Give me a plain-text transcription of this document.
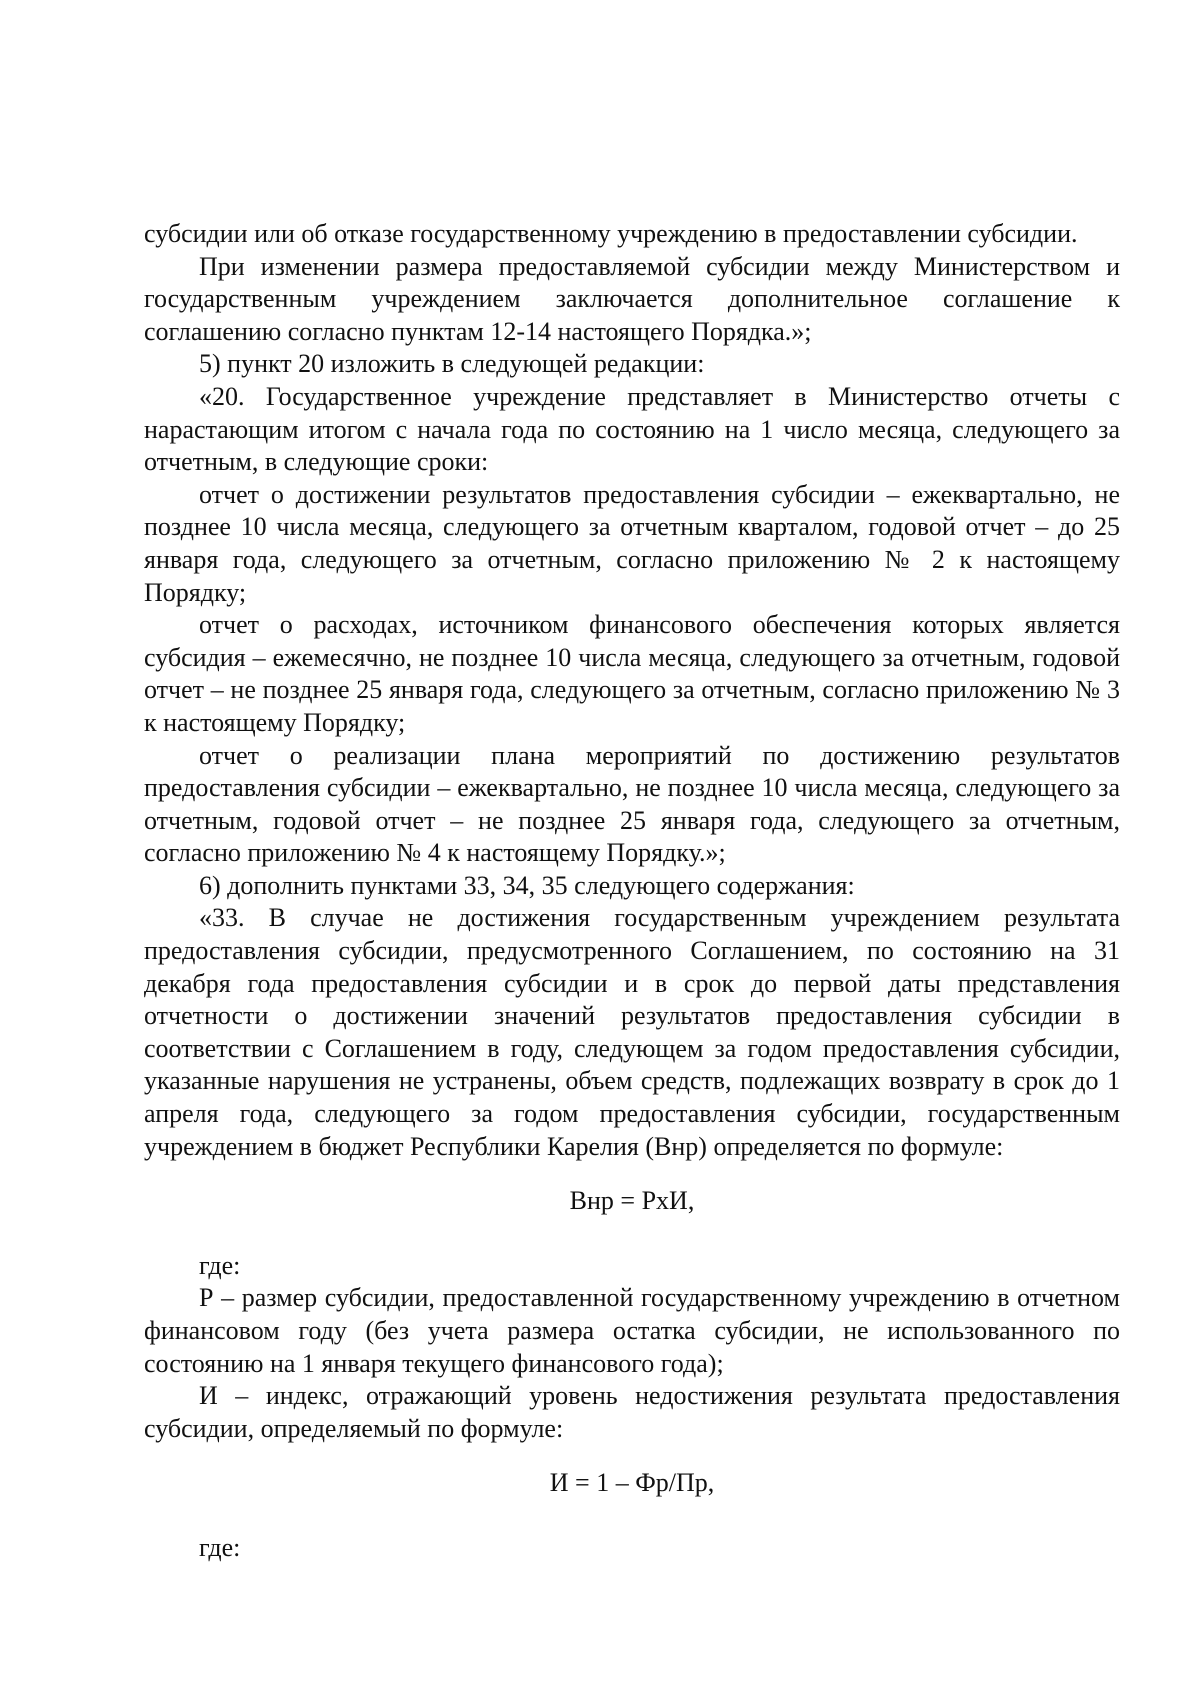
субсидии или об отказе государственному учреждению в предоставлении субсидии.

При изменении размера предоставляемой субсидии между Министерством и государственным учреждением заключается дополнительное соглашение к соглашению согласно пунктам 12-14 настоящего Порядка.»;

5) пункт 20 изложить в следующей редакции:

«20. Государственное учреждение представляет в Министерство отчеты с нарастающим итогом с начала года по состоянию на 1 число месяца, следующего за отчетным, в следующие сроки:

отчет о достижении результатов предоставления субсидии – ежеквартально, не позднее 10 числа месяца, следующего за отчетным кварталом, годовой отчет – до 25 января года, следующего за отчетным, согласно приложению № 2 к настоящему Порядку;

отчет о расходах, источником финансового обеспечения которых является субсидия – ежемесячно, не позднее 10 числа месяца, следующего за отчетным, годовой отчет – не позднее 25 января года, следующего за отчетным, согласно приложению № 3 к настоящему Порядку;

отчет о реализации плана мероприятий по достижению результатов предоставления субсидии – ежеквартально, не позднее 10 числа месяца, следующего за отчетным, годовой отчет – не позднее 25 января года, следующего за отчетным, согласно приложению № 4 к настоящему Порядку.»;

6) дополнить пунктами 33, 34, 35 следующего содержания:

«33. В случае не достижения государственным учреждением результата предоставления субсидии, предусмотренного Соглашением, по состоянию на 31 декабря года предоставления субсидии и в срок до первой даты представления отчетности о достижении значений результатов предоставления субсидии в соответствии с Соглашением в году, следующем за годом предоставления субсидии, указанные нарушения не устранены, объем средств, подлежащих возврату в срок до 1 апреля года, следующего за годом предоставления субсидии, государственным учреждением в бюджет Республики Карелия (Внр) определяется по формуле:

Внр = РхИ,

где:

Р – размер субсидии, предоставленной государственному учреждению в отчетном финансовом году (без учета размера остатка субсидии, не использованного по состоянию на 1 января текущего финансового года);

И – индекс, отражающий уровень недостижения результата предоставления субсидии, определяемый по формуле:

И = 1 – Фр/Пр,

где:
